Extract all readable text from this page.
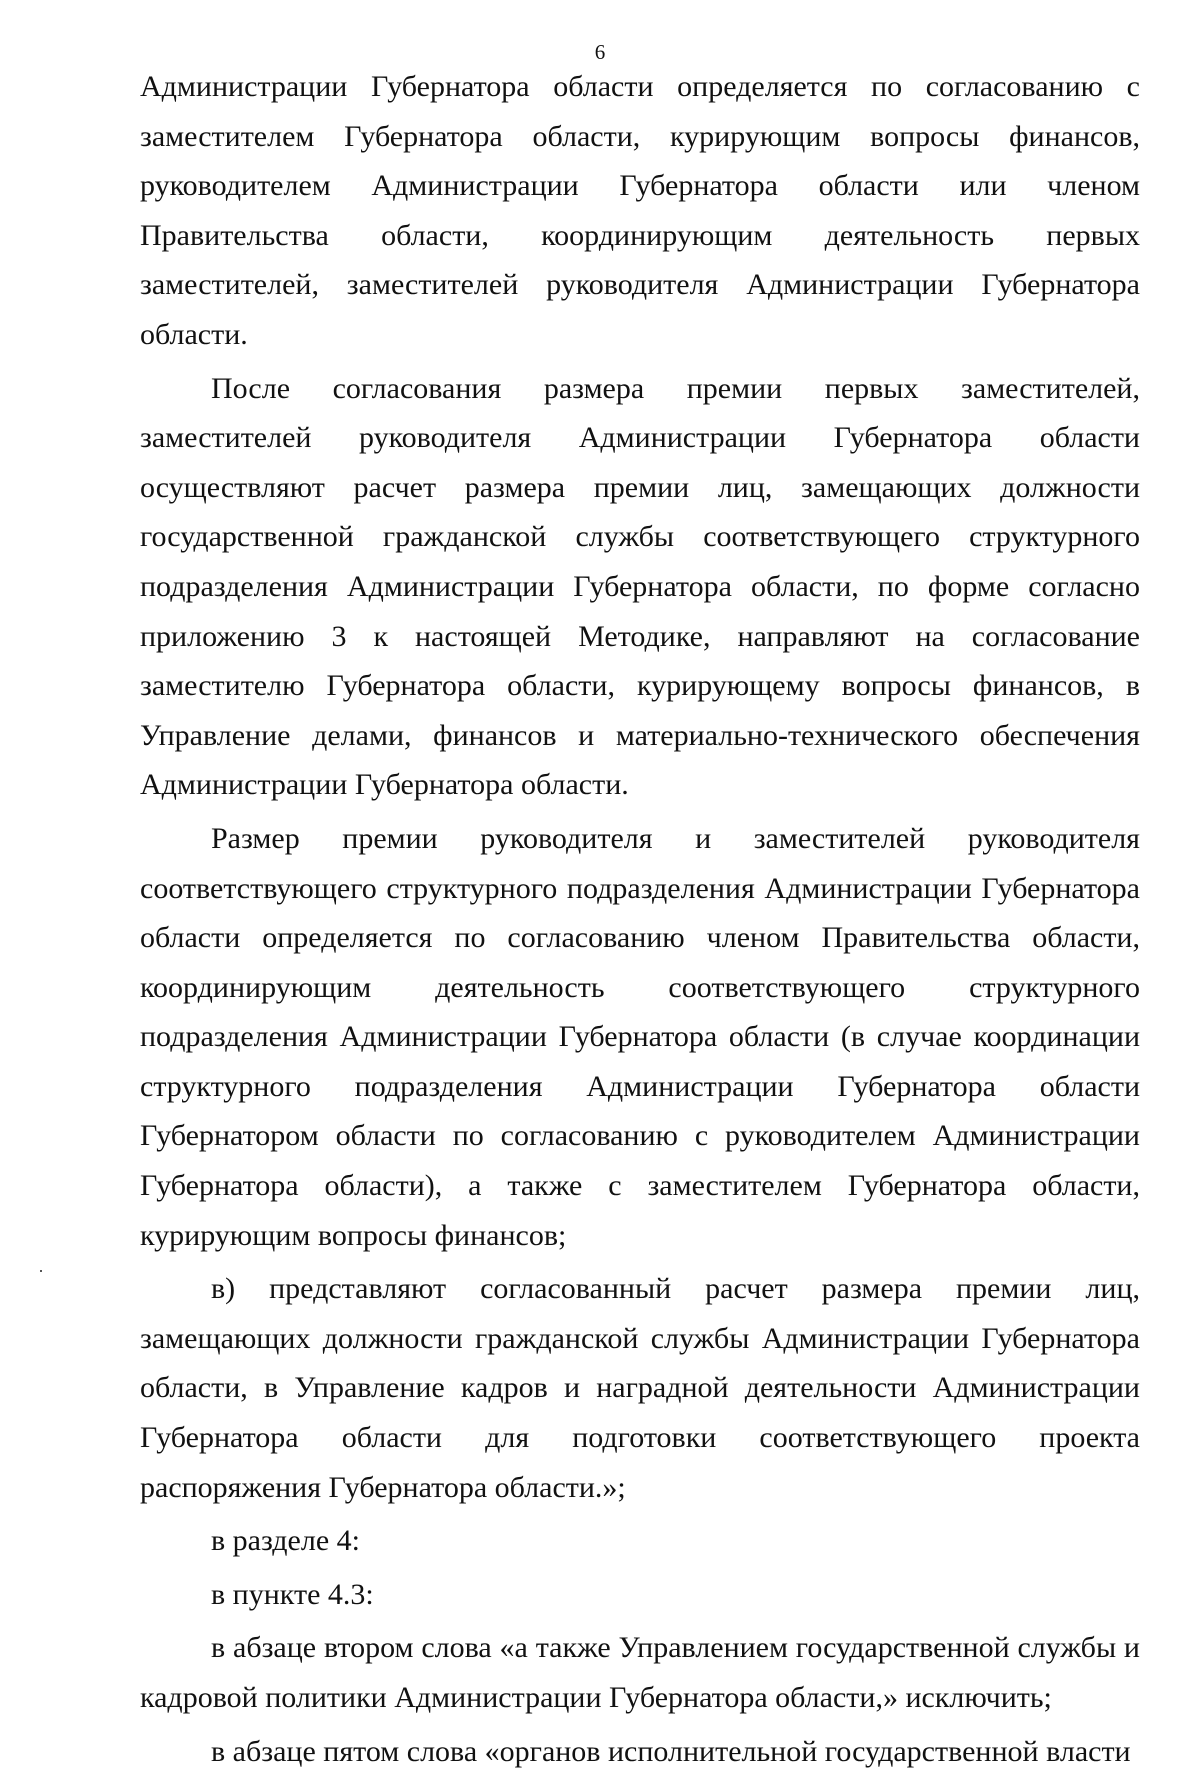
6

Администрации Губернатора области определяется по согласованию с заместителем Губернатора области, курирующим вопросы финансов, руководителем Администрации Губернатора области или членом Правительства области, координирующим деятельность первых заместителей, заместителей руководителя Администрации Губернатора области.

После согласования размера премии первых заместителей, заместителей руководителя Администрации Губернатора области осуществляют расчет размера премии лиц, замещающих должности государственной гражданской службы соответствующего структурного подразделения Администрации Губернатора области, по форме согласно приложению 3 к настоящей Методике, направляют на согласование заместителю Губернатора области, курирующему вопросы финансов, в Управление делами, финансов и материально-технического обеспечения Администрации Губернатора области.

Размер премии руководителя и заместителей руководителя соответствующего структурного подразделения Администрации Губернатора области определяется по согласованию членом Правительства области, координирующим деятельность соответствующего структурного подразделения Администрации Губернатора области (в случае координации структурного подразделения Администрации Губернатора области Губернатором области по согласованию с руководителем Администрации Губернатора области), а также с заместителем Губернатора области, курирующим вопросы финансов;

в) представляют согласованный расчет размера премии лиц, замещающих должности гражданской службы Администрации Губернатора области, в Управление кадров и наградной деятельности Администрации Губернатора области для подготовки соответствующего проекта распоряжения Губернатора области.»;

в разделе 4:

в пункте 4.3:

в абзаце втором слова «а также Управлением государственной службы и кадровой политики Администрации Губернатора области,» исключить;

в абзаце пятом слова «органов исполнительной государственной власти
